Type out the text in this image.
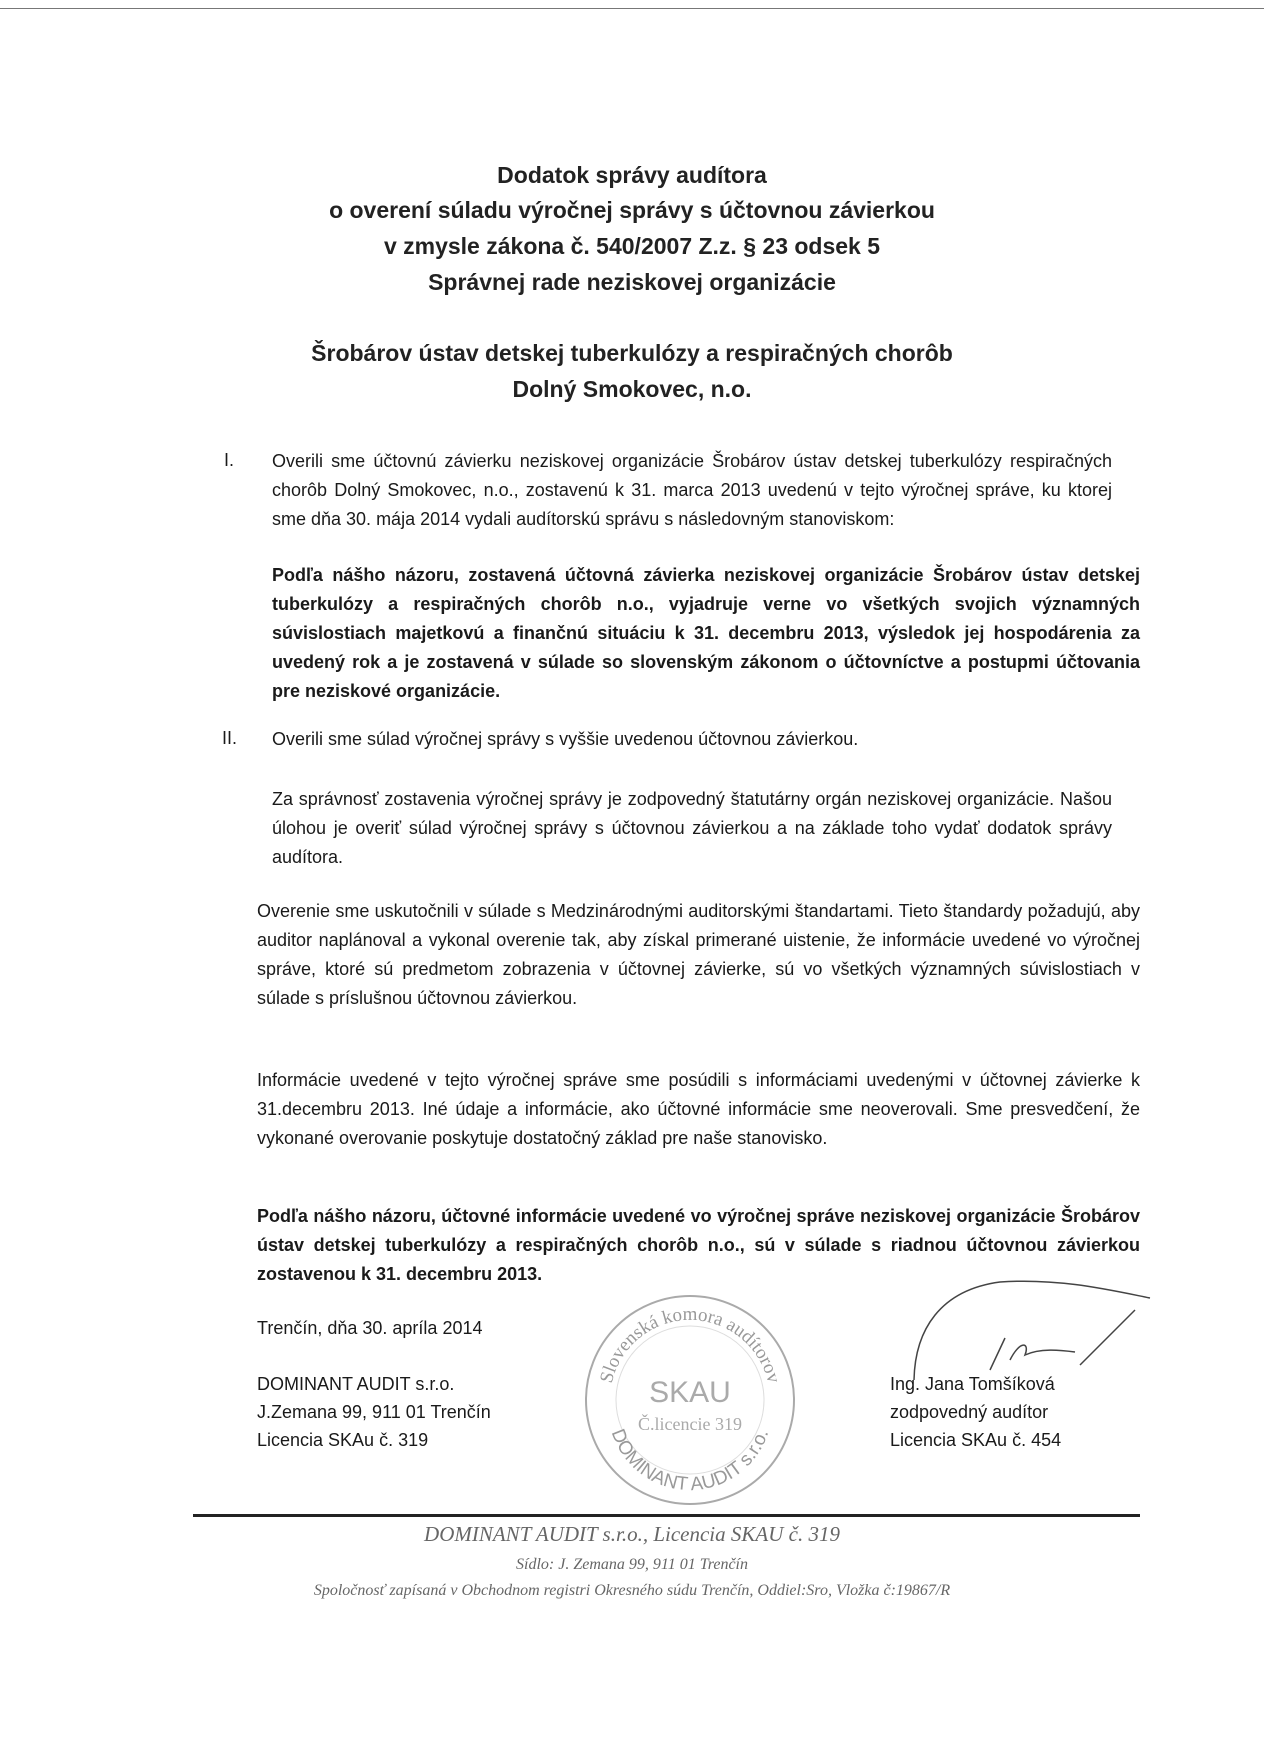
Dodatok správy audítora
o overení súladu výročnej správy s účtovnou závierkou
v zmysle zákona č. 540/2007 Z.z. § 23 odsek 5
Správnej rade neziskovej organizácie
Šrobárov ústav detskej tuberkulózy a respiračných chorôb
Dolný Smokovec, n.o.
I. Overili sme účtovnú závierku neziskovej organizácie Šrobárov ústav detskej tuberkulózy respiračných chorôb Dolný Smokovec, n.o., zostavenú k 31. marca 2013 uvedenú v tejto výročnej správe, ku ktorej sme dňa 30. mája 2014 vydali audítorskú správu s následovným stanoviskom:
Podľa nášho názoru, zostavená účtovná závierka neziskovej organizácie Šrobárov ústav detskej tuberkulózy a respiračných chorôb n.o., vyjadruje verne vo všetkých svojich významných súvislostiach majetkovú a finančnú situáciu k 31. decembru 2013, výsledok jej hospodárenia za uvedený rok a je zostavená v súlade so slovenským zákonom o účtovníctve a postupmi účtovania pre neziskové organizácie.
II. Overili sme súlad výročnej správy s vyššie uvedenou účtovnou závierkou.
Za správnosť zostavenia výročnej správy je zodpovedný štatutárny orgán neziskovej organizácie. Našou úlohou je overiť súlad výročnej správy s účtovnou závierkou a na základe toho vydať dodatok správy audítora.
Overenie sme uskutočnili v súlade s Medzinárodnými auditorskými štandartami. Tieto štandardy požadujú, aby auditor naplánoval a vykonal overenie tak, aby získal primerané uistenie, že informácie uvedené vo výročnej správe, ktoré sú predmetom zobrazenia v účtovnej závierke, sú vo všetkých významných súvislostiach v súlade s príslušnou účtovnou závierkou.
Informácie uvedené v tejto výročnej správe sme posúdili s informáciami uvedenými v účtovnej závierke k 31.decembru 2013. Iné údaje a informácie, ako účtovné informácie sme neoverovali. Sme presvedčení, že vykonané overovanie poskytuje dostatočný základ pre naše stanovisko.
Podľa nášho názoru, účtovné informácie uvedené vo výročnej správe neziskovej organizácie Šrobárov ústav detskej tuberkulózy a respiračných chorôb n.o., sú v súlade s riadnou účtovnou závierkou zostavenou k 31. decembru 2013.
Trenčín, dňa 30. apríla 2014
DOMINANT AUDIT s.r.o.
J.Zemana 99, 911 01 Trenčín
Licencia SKAu č. 319
Slovenská komora audítorov
DOMINANT AUDIT s.r.o.
SKAU
Č.licencie 319
Ing. Jana Tomšíková
zodpovedný audítor
Licencia SKAu č. 454
DOMINANT AUDIT s.r.o., Licencia SKAU č. 319
Sídlo: J. Zemana 99, 911 01 Trenčín
Spoločnosť zapísaná v Obchodnom registri Okresného súdu Trenčín, Oddiel:Sro, Vložka č:19867/R
